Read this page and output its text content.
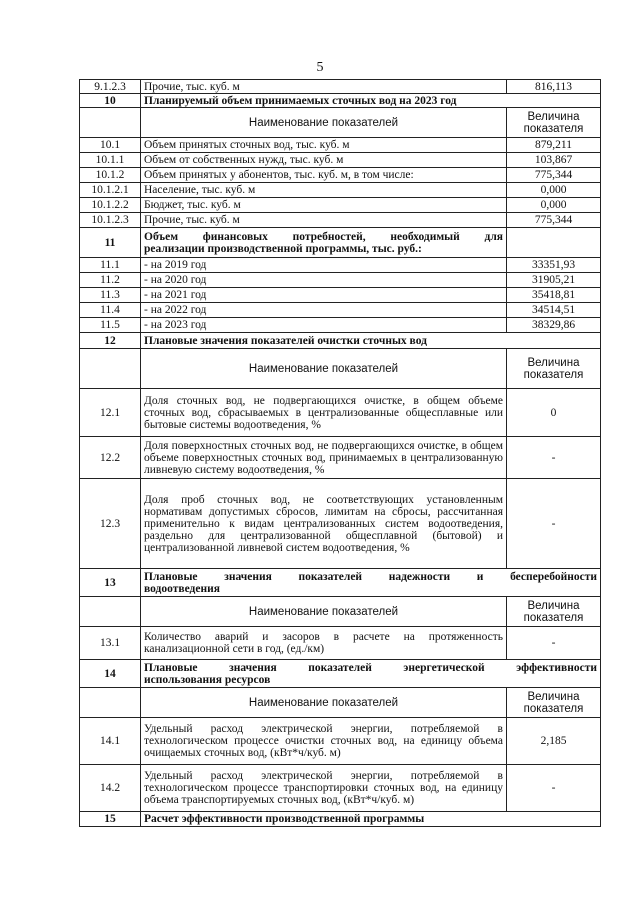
5
9.1.2.3	Прочие, тыс. куб. м	816,113
10	Планируемый объем принимаемых сточных вод на 2023 год	
	Наименование показателей	Величина
показателя
10.1	Объем принятых сточных вод, тыс. куб. м	879,211
10.1.1	Объем от собственных нужд, тыс. куб. м	103,867
10.1.2	Объем принятых у абонентов, тыс. куб. м, в том числе:	775,344
10.1.2.1	Население, тыс. куб. м	0,000
10.1.2.2	Бюджет, тыс. куб. м	0,000
10.1.2.3	Прочие, тыс. куб. м	775,344
11	Объем финансовых потребностей, необходимый для
реализации производственной программы, тыс. руб.:	

11.1	- на 2019 год	33351,93
11.2	- на 2020 год	31905,21
11.3	- на 2021 год	35418,81
11.4	- на 2022 год	34514,51
11.5	- на 2023 год	38329,86
12	Плановые значения показателей очистки сточных вод	
	Наименование показателей	Величина
показателя
12.1	Доля сточных вод, не подвергающихся очистке, в общем объеме сточных вод, сбрасываемых в централизованные общесплавные или бытовые системы водоотведения, %	0
12.2	Доля поверхностных сточных вод, не подвергающихся очистке, в общем объеме поверхностных сточных вод, принимаемых в централизованную ливневую систему водоотведения, %	-
12.3	Доля проб сточных вод, не соответствующих установленным нормативам допустимых сбросов, лимитам на сбросы, рассчитанная применительно к видам централизованных систем водоотведения, раздельно для централизованной общесплавной (бытовой) и централизованной ливневой систем водоотведения, %	-
13	Плановые значения показателей надежности и бесперебойности
водоотведения	

	Наименование показателей	Величина
показателя
13.1	Количество аварий и засоров в расчете на протяженность канализационной сети в год, (ед./км)	-
14	Плановые значения показателей энергетической эффективности
использования ресурсов	

	Наименование показателей	Величина
показателя
14.1	Удельный расход электрической энергии, потребляемой в технологическом процессе очистки сточных вод, на единицу объема очищаемых сточных вод, (кВт*ч/куб. м)	2,185
14.2	Удельный расход электрической энергии, потребляемой в технологическом процессе транспортировки сточных вод, на единицу объема транспортируемых сточных вод, (кВт*ч/куб. м)	-
15	Расчет эффективности производственной программы	
